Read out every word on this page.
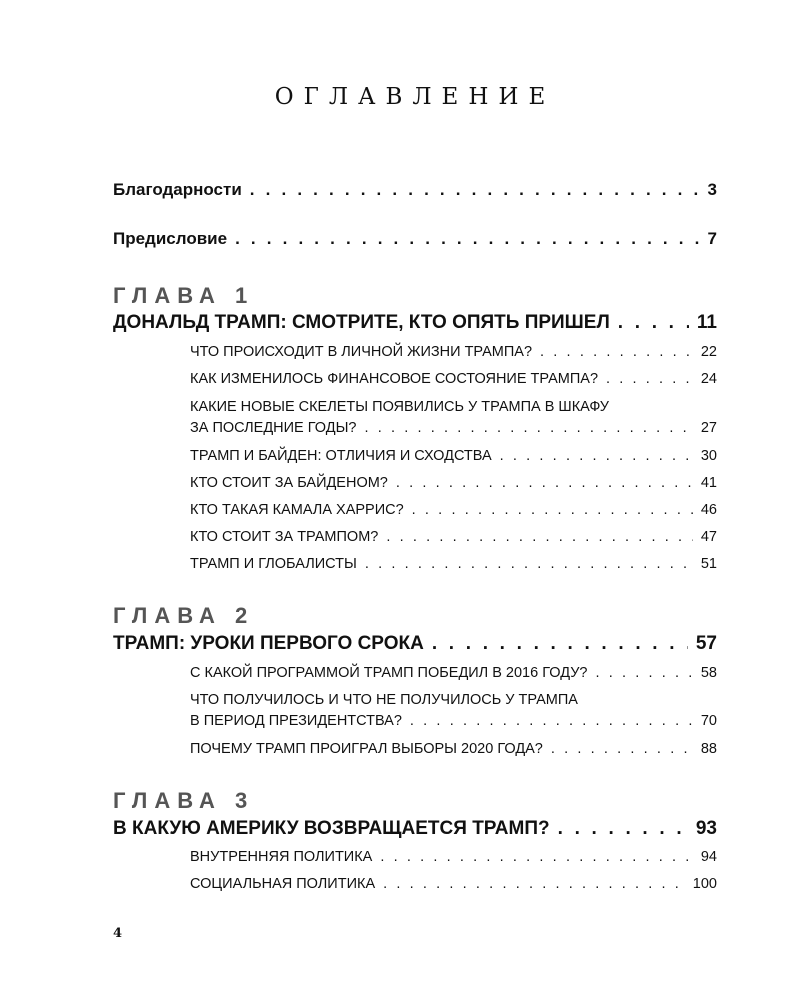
ОГЛАВЛЕНИЕ
Благодарности . . .	3
Предисловие . . .	7
ГЛАВА 1
ДОНАЛЬД ТРАМП: СМОТРИТЕ, КТО ОПЯТЬ ПРИШЕЛ . . .	11
ЧТО ПРОИСХОДИТ В ЛИЧНОЙ ЖИЗНИ ТРАМПА? . . .	22
КАК ИЗМЕНИЛОСЬ ФИНАНСОВОЕ СОСТОЯНИЕ ТРАМПА? . . .	24
КАКИЕ НОВЫЕ СКЕЛЕТЫ ПОЯВИЛИСЬ У ТРАМПА В ШКАФУ
ЗА ПОСЛЕДНИЕ ГОДЫ? . . .	27
ТРАМП И БАЙДЕН: ОТЛИЧИЯ И СХОДСТВА . . .	30
КТО СТОИТ ЗА БАЙДЕНОМ? . . .	41
КТО ТАКАЯ КАМАЛА ХАРРИС? . . .	46
КТО СТОИТ ЗА ТРАМПОМ? . . .	47
ТРАМП И ГЛОБАЛИСТЫ . . .	51
ГЛАВА 2
ТРАМП: УРОКИ ПЕРВОГО СРОКА . . .	57
С КАКОЙ ПРОГРАММОЙ ТРАМП ПОБЕДИЛ В 2016 ГОДУ? . . .	58
ЧТО ПОЛУЧИЛОСЬ И ЧТО НЕ ПОЛУЧИЛОСЬ У ТРАМПА
В ПЕРИОД ПРЕЗИДЕНТСТВА? . . .	70
ПОЧЕМУ ТРАМП ПРОИГРАЛ ВЫБОРЫ 2020 ГОДА? . . .	88
ГЛАВА 3
В КАКУЮ АМЕРИКУ ВОЗВРАЩАЕТСЯ ТРАМП? . . .	93
ВНУТРЕННЯЯ ПОЛИТИКА . . .	94
СОЦИАЛЬНАЯ ПОЛИТИКА . . .	100
4
